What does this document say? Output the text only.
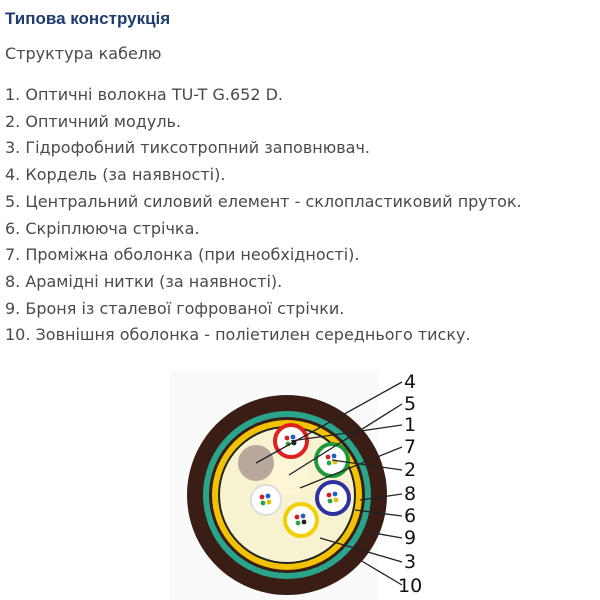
Типова конструкція
Структура кабелю
1. Оптичні волокна TU-T G.652 D.
2. Оптичний модуль.
3. Гідрофобний тиксотропний заповнювач.
4. Кордель (за наявності).
5. Центральний силовий елемент - склопластиковий пруток.
6. Скріплююча стрічка.
7. Проміжна оболонка (при необхідності).
8. Арамідні нитки (за наявності).
9. Броня із сталевої гофрованої стрічки.
10. Зовнішня оболонка - поліетилен середнього тиску.
4
5
1
7
2
8
6
9
3
10
